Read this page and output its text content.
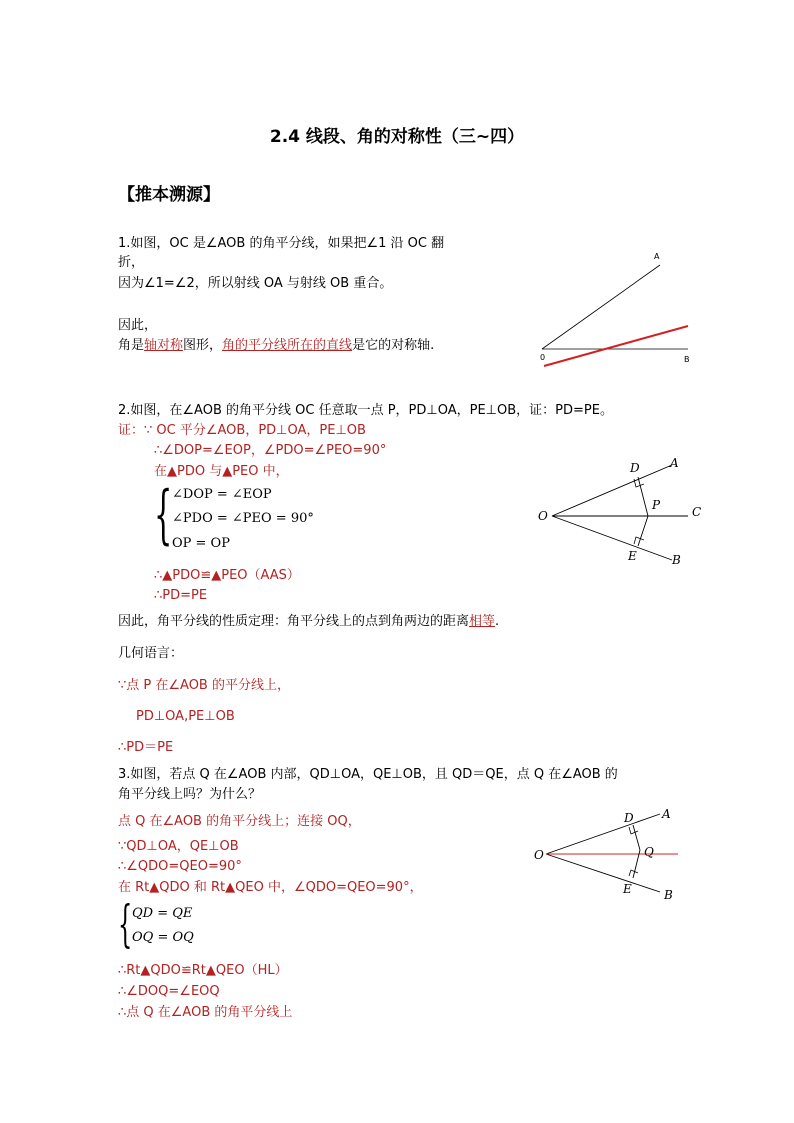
2.4 线段、角的对称性（三~四）
【推本溯源】
1.如图，OC 是∠AOB 的角平分线，如果把∠1 沿 OC 翻
折，
因为∠1=∠2，所以射线 OA 与射线 OB 重合。
因此，
角是轴对称图形，角的平分线所在的直线是它的对称轴.
A
0	B
2.如图，在∠AOB 的角平分线 OC 任意取一点 P，PD⊥OA，PE⊥OB，证：PD=PE。
证：∵ OC 平分∠AOB，PD⊥OA，PE⊥OB
∴∠DOP=∠EOP，∠PDO=∠PEO=90°
在▲PDO 与▲PEO 中，
{ ∠DOP = ∠EOP
∠PDO = ∠PEO = 90°
OP = OP
∴▲PDO≌▲PEO（AAS）
∴PD=PE
因此，角平分线的性质定理：角平分线上的点到角两边的距离相等.
几何语言：
∵点 P 在∠AOB 的平分线上，
PD⊥OA,PE⊥OB
∴PD＝PE
D	A
O
P	C
E	B
3.如图，若点 Q 在∠AOB 内部，QD⊥OA，QE⊥OB，且 QD＝QE，点 Q 在∠AOB 的
角平分线上吗？为什么？
点 Q 在∠AOB 的角平分线上；连接 OQ，
∵QD⊥OA，QE⊥OB
∴∠QDO=QEO=90°
在 Rt▲QDO 和 Rt▲QEO 中，∠QDO=QEO=90°，
{ QD = QE
OQ = OQ
∴Rt▲QDO≌Rt▲QEO（HL）
∴∠DOQ=∠EOQ
∴点 Q 在∠AOB 的角平分线上
D A
O	Q
E	B
